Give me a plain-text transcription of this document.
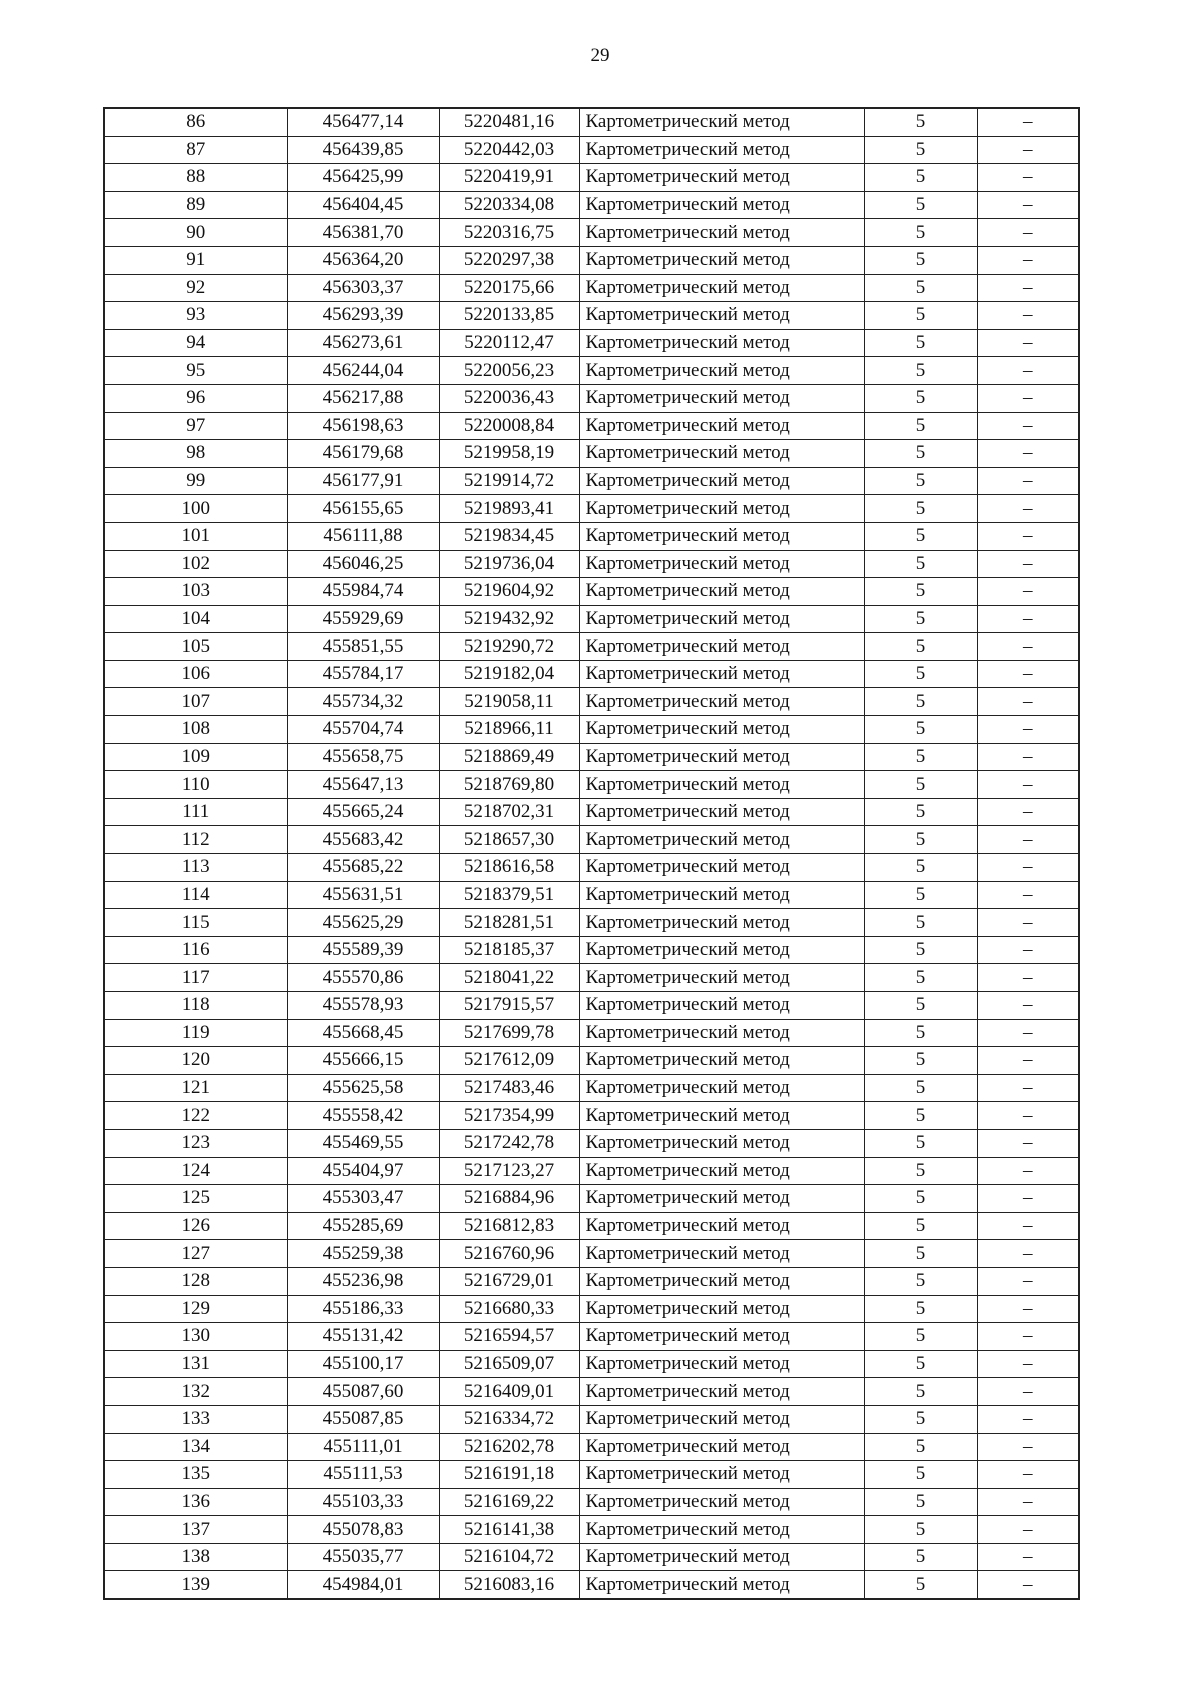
29
86	456477,14	5220481,16	Картометрический метод	5	–
87	456439,85	5220442,03	Картометрический метод	5	–
88	456425,99	5220419,91	Картометрический метод	5	–
89	456404,45	5220334,08	Картометрический метод	5	–
90	456381,70	5220316,75	Картометрический метод	5	–
91	456364,20	5220297,38	Картометрический метод	5	–
92	456303,37	5220175,66	Картометрический метод	5	–
93	456293,39	5220133,85	Картометрический метод	5	–
94	456273,61	5220112,47	Картометрический метод	5	–
95	456244,04	5220056,23	Картометрический метод	5	–
96	456217,88	5220036,43	Картометрический метод	5	–
97	456198,63	5220008,84	Картометрический метод	5	–
98	456179,68	5219958,19	Картометрический метод	5	–
99	456177,91	5219914,72	Картометрический метод	5	–
100	456155,65	5219893,41	Картометрический метод	5	–
101	456111,88	5219834,45	Картометрический метод	5	–
102	456046,25	5219736,04	Картометрический метод	5	–
103	455984,74	5219604,92	Картометрический метод	5	–
104	455929,69	5219432,92	Картометрический метод	5	–
105	455851,55	5219290,72	Картометрический метод	5	–
106	455784,17	5219182,04	Картометрический метод	5	–
107	455734,32	5219058,11	Картометрический метод	5	–
108	455704,74	5218966,11	Картометрический метод	5	–
109	455658,75	5218869,49	Картометрический метод	5	–
110	455647,13	5218769,80	Картометрический метод	5	–
111	455665,24	5218702,31	Картометрический метод	5	–
112	455683,42	5218657,30	Картометрический метод	5	–
113	455685,22	5218616,58	Картометрический метод	5	–
114	455631,51	5218379,51	Картометрический метод	5	–
115	455625,29	5218281,51	Картометрический метод	5	–
116	455589,39	5218185,37	Картометрический метод	5	–
117	455570,86	5218041,22	Картометрический метод	5	–
118	455578,93	5217915,57	Картометрический метод	5	–
119	455668,45	5217699,78	Картометрический метод	5	–
120	455666,15	5217612,09	Картометрический метод	5	–
121	455625,58	5217483,46	Картометрический метод	5	–
122	455558,42	5217354,99	Картометрический метод	5	–
123	455469,55	5217242,78	Картометрический метод	5	–
124	455404,97	5217123,27	Картометрический метод	5	–
125	455303,47	5216884,96	Картометрический метод	5	–
126	455285,69	5216812,83	Картометрический метод	5	–
127	455259,38	5216760,96	Картометрический метод	5	–
128	455236,98	5216729,01	Картометрический метод	5	–
129	455186,33	5216680,33	Картометрический метод	5	–
130	455131,42	5216594,57	Картометрический метод	5	–
131	455100,17	5216509,07	Картометрический метод	5	–
132	455087,60	5216409,01	Картометрический метод	5	–
133	455087,85	5216334,72	Картометрический метод	5	–
134	455111,01	5216202,78	Картометрический метод	5	–
135	455111,53	5216191,18	Картометрический метод	5	–
136	455103,33	5216169,22	Картометрический метод	5	–
137	455078,83	5216141,38	Картометрический метод	5	–
138	455035,77	5216104,72	Картометрический метод	5	–
139	454984,01	5216083,16	Картометрический метод	5	–
